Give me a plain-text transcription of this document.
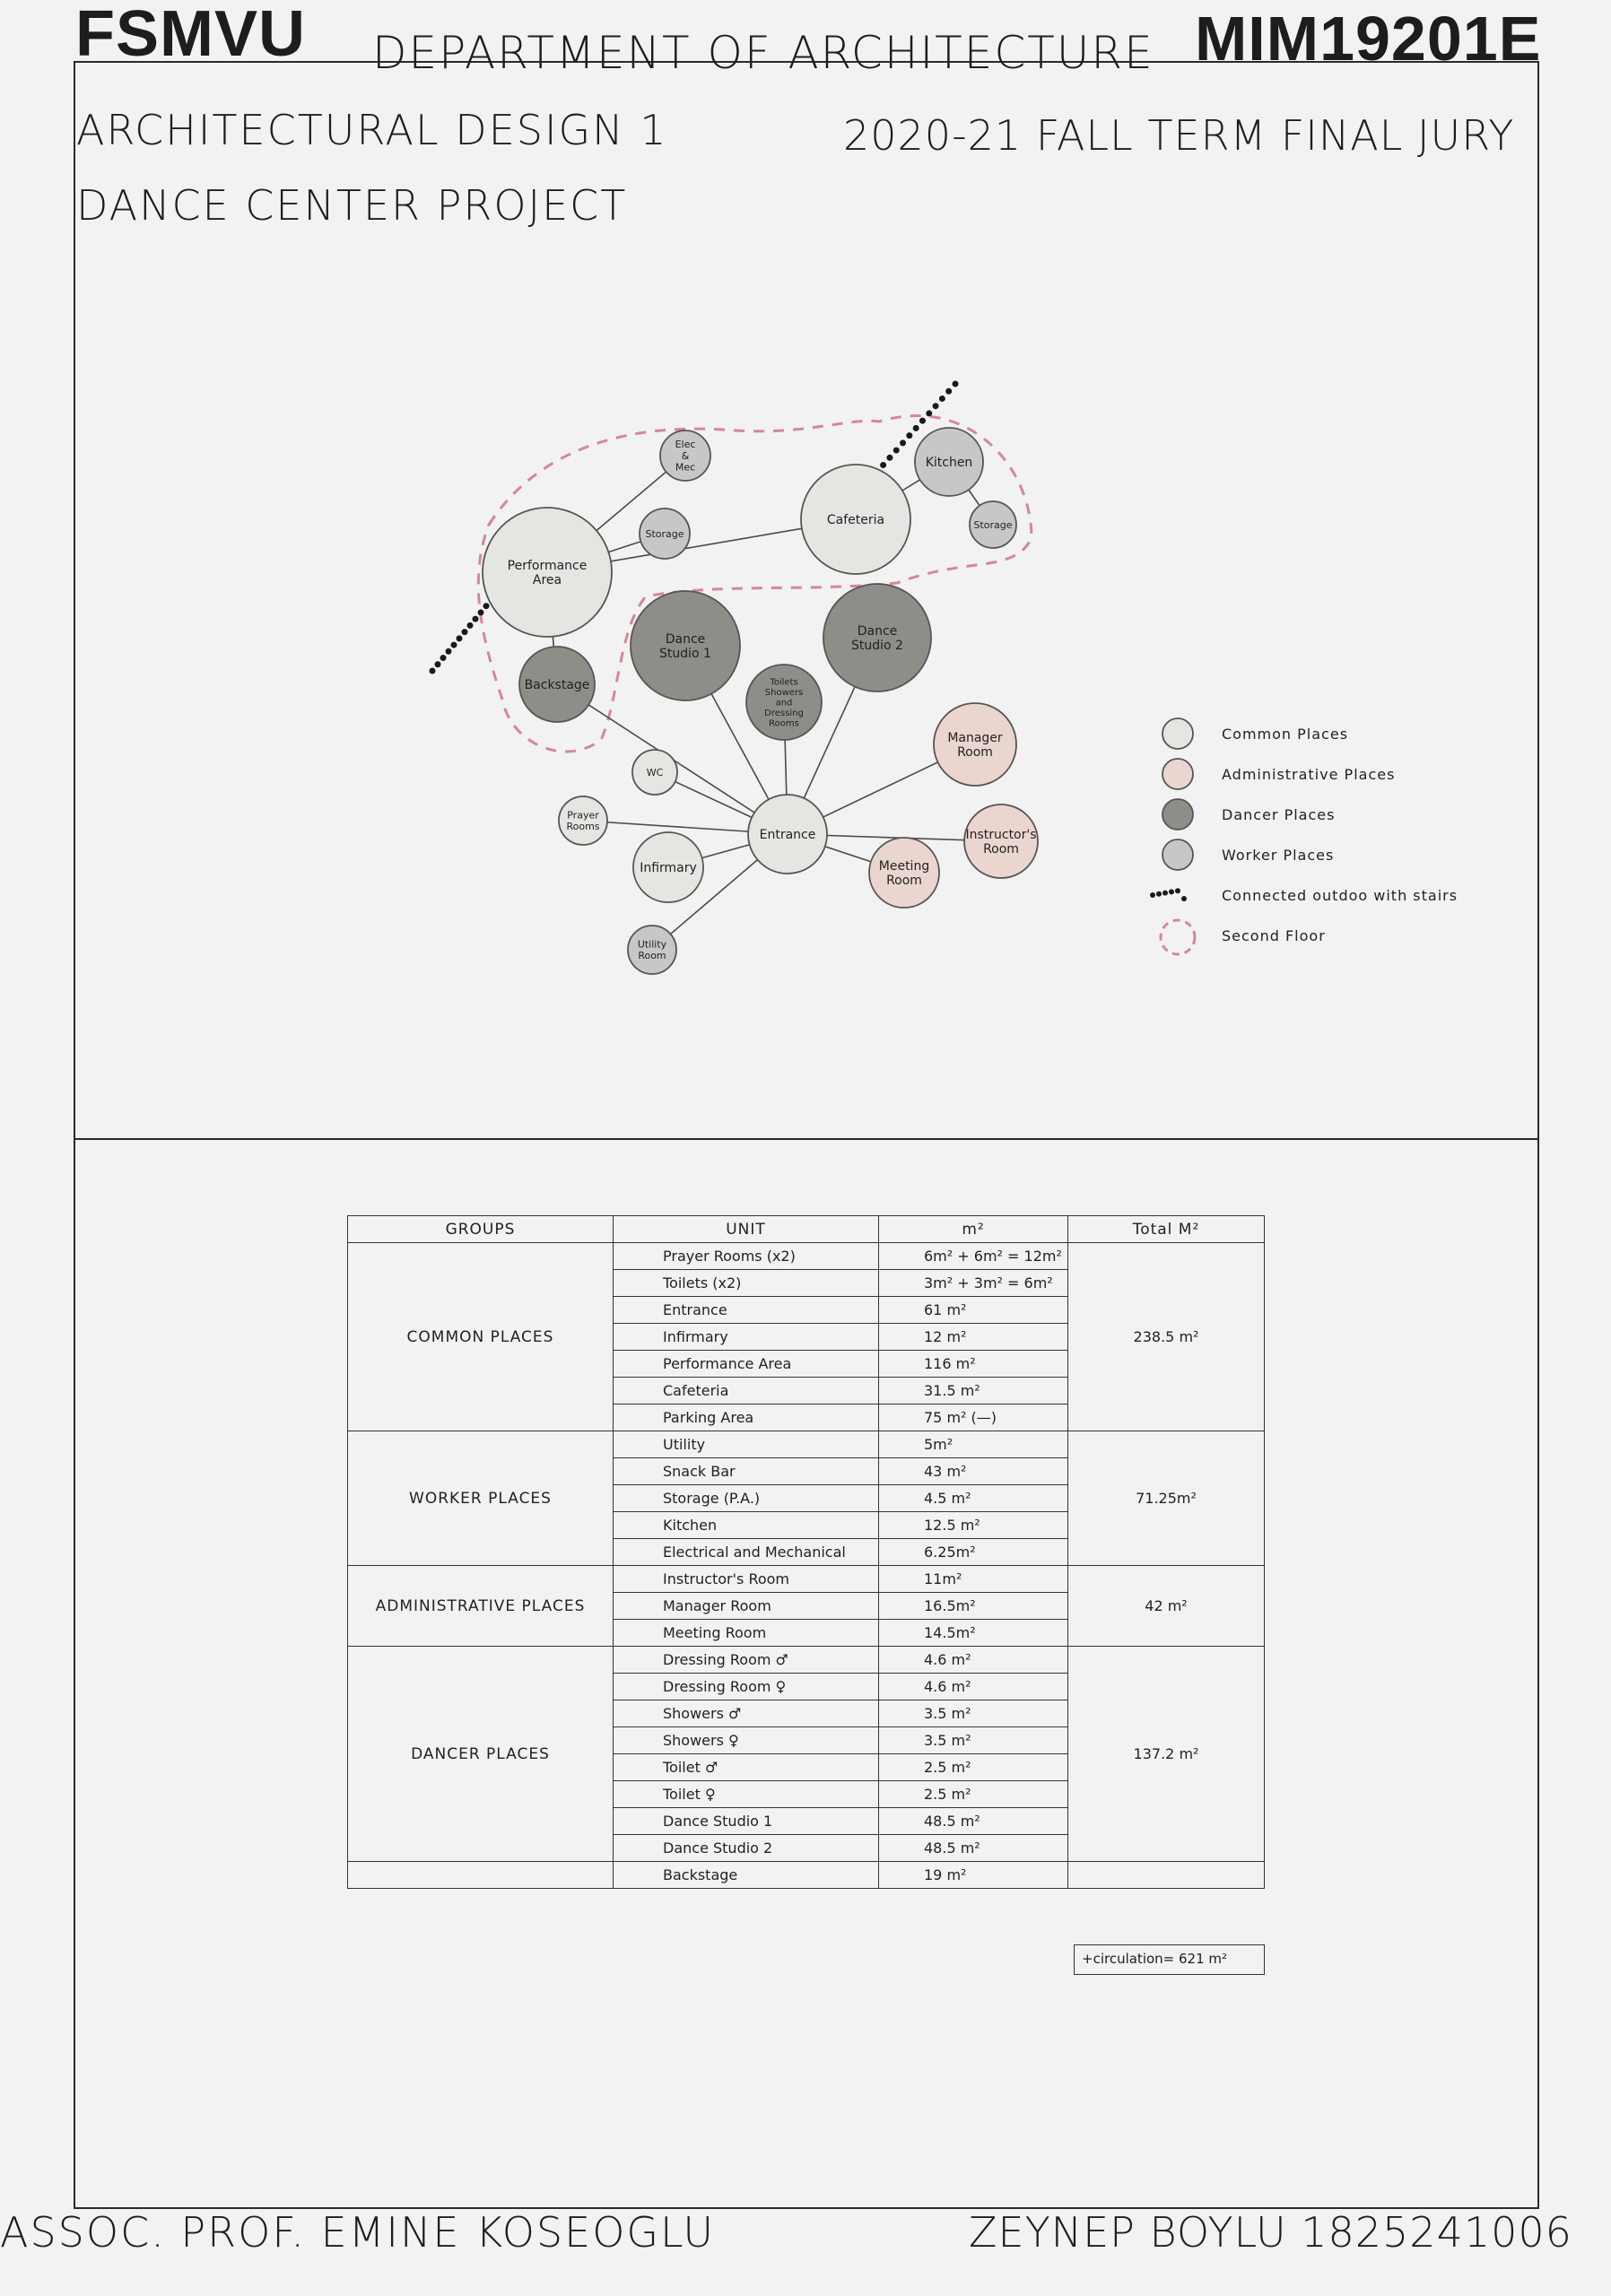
FSMVU DEPARTMENT OF ARCHITECTURE MIM19201E
ARCHITECTURAL DESIGN 1	2020-21 FALL TERM FINAL JURY
DANCE CENTER PROJECT
Elec & Mec
Storage
Performance Area
Cafeteria
Kitchen
Storage
Dance Studio 1
Dance Studio 2
Backstage	Toilets Showers and Dressing Rooms
Manager Room
WC
Prayer Rooms
Entrance	Instructor's Room
Infirmary	Meeting Room
Utility Room
Common Places
Administrative Places
Dancer Places
Worker Places
Connected outdoo with stairs
Second Floor
GROUPS	UNIT	m²	Total M²
COMMON PLACES	Prayer Rooms (x2)	6m² + 6m² = 12m²	238.5 m²
	Toilets (x2)	3m² + 3m² = 6m²	
	Entrance	61 m²	
	Infirmary	12 m²	
	Performance Area	116 m²	
	Cafeteria	31.5 m²	
	Parking Area	75 m² (—)	
WORKER PLACES	Utility	5m²	71.25m²
	Snack Bar	43 m²	
	Storage (P.A.)	4.5 m²	
	Kitchen	12.5 m²	
	Electrical and Mechanical	6.25m²	
ADMINISTRATIVE PLACES	Instructor's Room	11m²	42 m²
	Manager Room	16.5m²	
	Meeting Room	14.5m²	
DANCER PLACES	Dressing Room ♂	4.6 m²	137.2 m²
	Dressing Room ♀	4.6 m²	
	Showers ♂	3.5 m²	
	Showers ♀	3.5 m²	
	Toilet ♂	2.5 m²	
	Toilet ♀	2.5 m²	
	Dance Studio 1	48.5 m²	
	Dance Studio 2	48.5 m²	
	Backstage	19 m²	
+circulation= 621 m²
ASSOC. PROF. EMINE KOSEOGLU	ZEYNEP BOYLU 1825241006
